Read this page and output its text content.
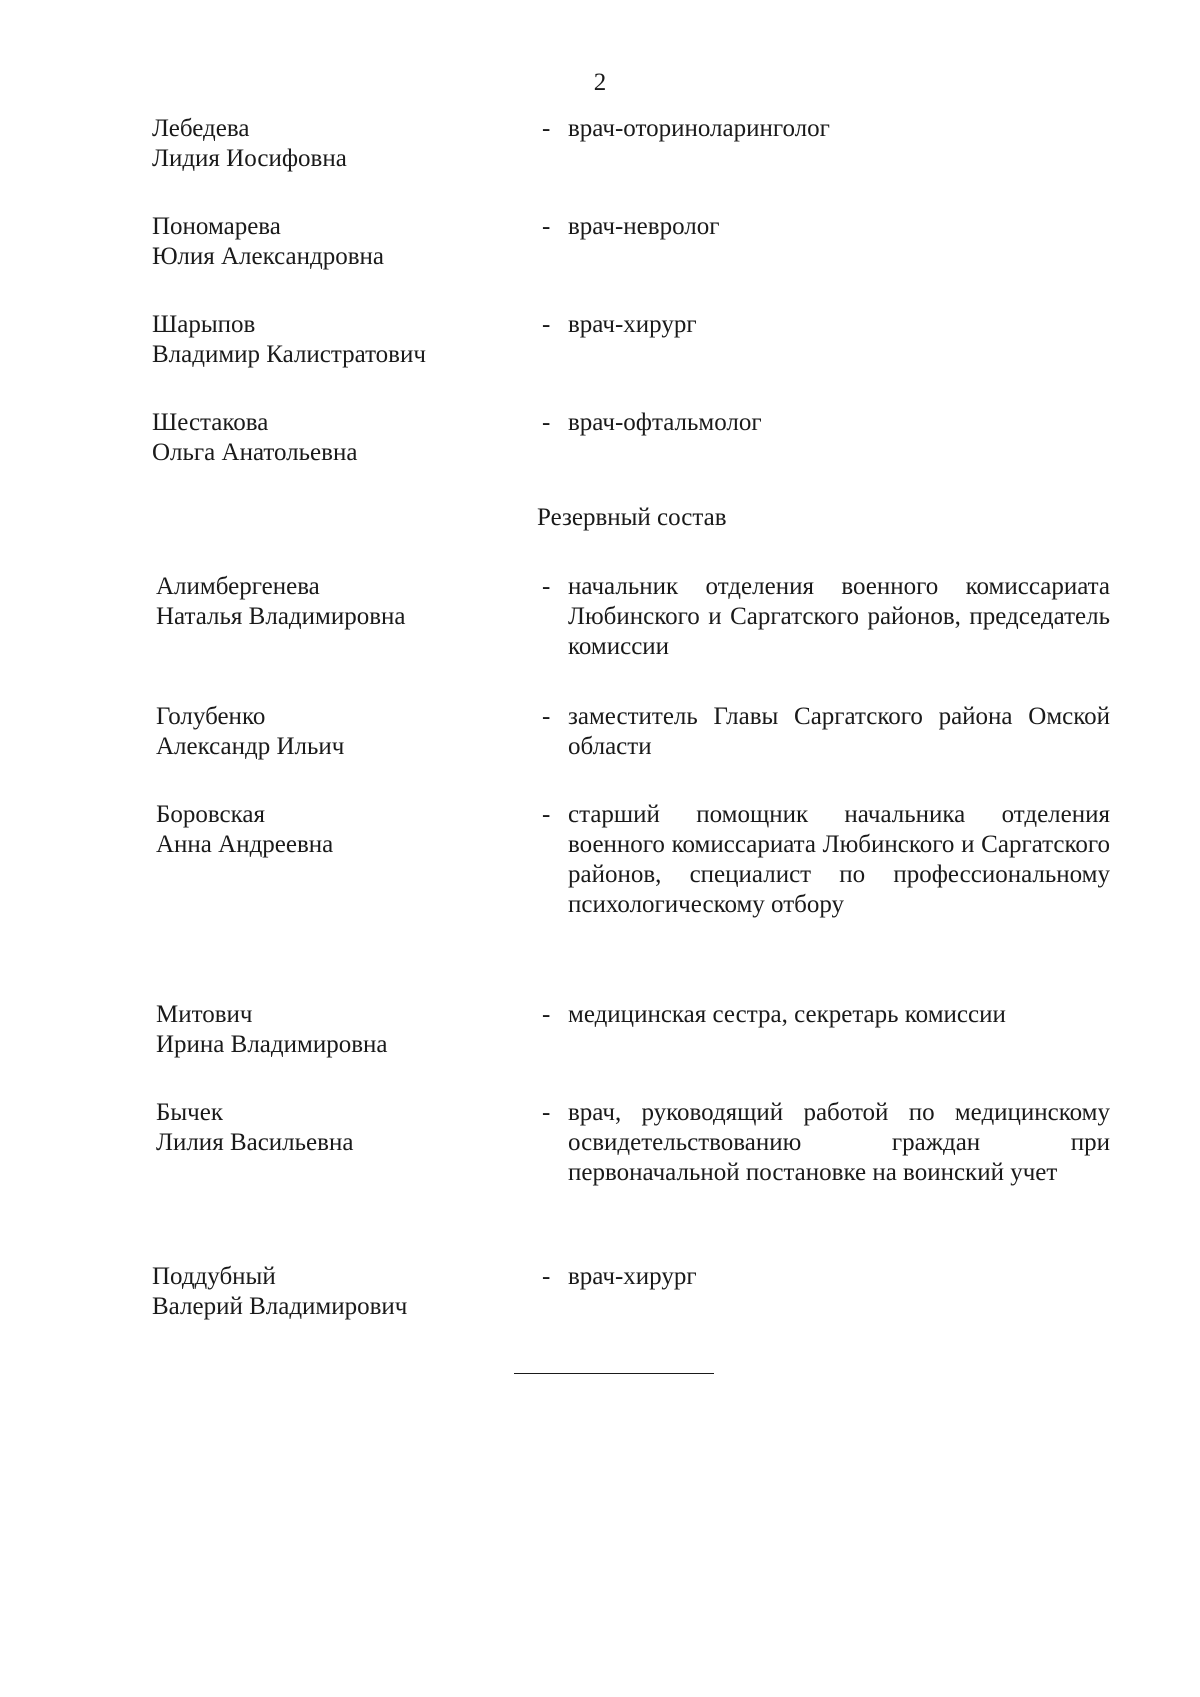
2
Лебедева
Лидия Иосифовна
- врач-оториноларинголог
Пономарева
Юлия Александровна
- врач-невролог
Шарыпов
Владимир Калистратович
- врач-хирург
Шестакова
Ольга Анатольевна
- врач-офтальмолог
Резервный состав
Алимбергенева
Наталья Владимировна
- начальник отделения военного комиссариата Любинского и Саргатского районов, председатель комиссии
Голубенко
Александр Ильич
- заместитель Главы Саргатского района Омской области
Боровская
Анна Андреевна
- старший помощник начальника отделения военного комиссариата Любинского и Саргатского районов, специалист по профессиональному психологическому отбору
Митович
Ирина Владимировна
- медицинская сестра, секретарь комиссии
Бычек
Лилия Васильевна
- врач, руководящий работой по медицинскому освидетельствованию граждан при первоначальной постановке на воинский учет
Поддубный
Валерий Владимирович
- врач-хирург
